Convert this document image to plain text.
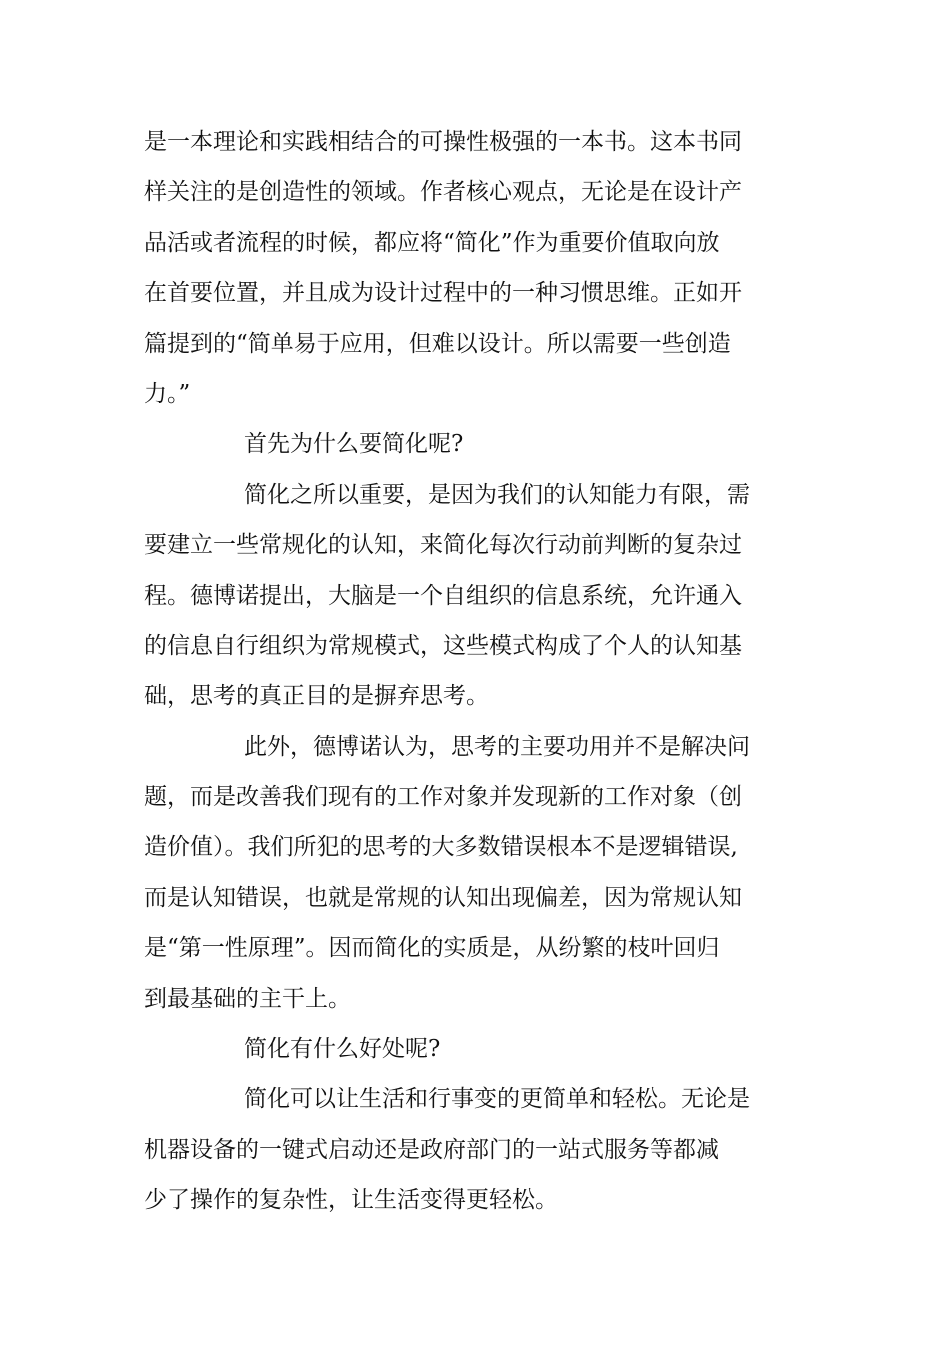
是一本理论和实践相结合的可操性极强的一本书。这本书同

样关注的是创造性的领域。作者核心观点，无论是在设计产

品活或者流程的时候，都应将“简化”作为重要价值取向放

在首要位置，并且成为设计过程中的一种习惯思维。正如开

篇提到的“简单易于应用，但难以设计。所以需要一些创造

力。”

首先为什么要简化呢?

简化之所以重要，是因为我们的认知能力有限，需

要建立一些常规化的认知，来简化每次行动前判断的复杂过

程。德博诺提出，大脑是一个自组织的信息系统，允许通入

的信息自行组织为常规模式，这些模式构成了个人的认知基

础，思考的真正目的是摒弃思考。

此外，德博诺认为，思考的主要功用并不是解决问

题，而是改善我们现有的工作对象并发现新的工作对象（创

造价值）。我们所犯的思考的大多数错误根本不是逻辑错误,

而是认知错误，也就是常规的认知出现偏差，因为常规认知

是“第一性原理”。因而简化的实质是，从纷繁的枝叶回归

到最基础的主干上。

简化有什么好处呢?

简化可以让生活和行事变的更简单和轻松。无论是

机器设备的一键式启动还是政府部门的一站式服务等都减

少了操作的复杂性，让生活变得更轻松。
